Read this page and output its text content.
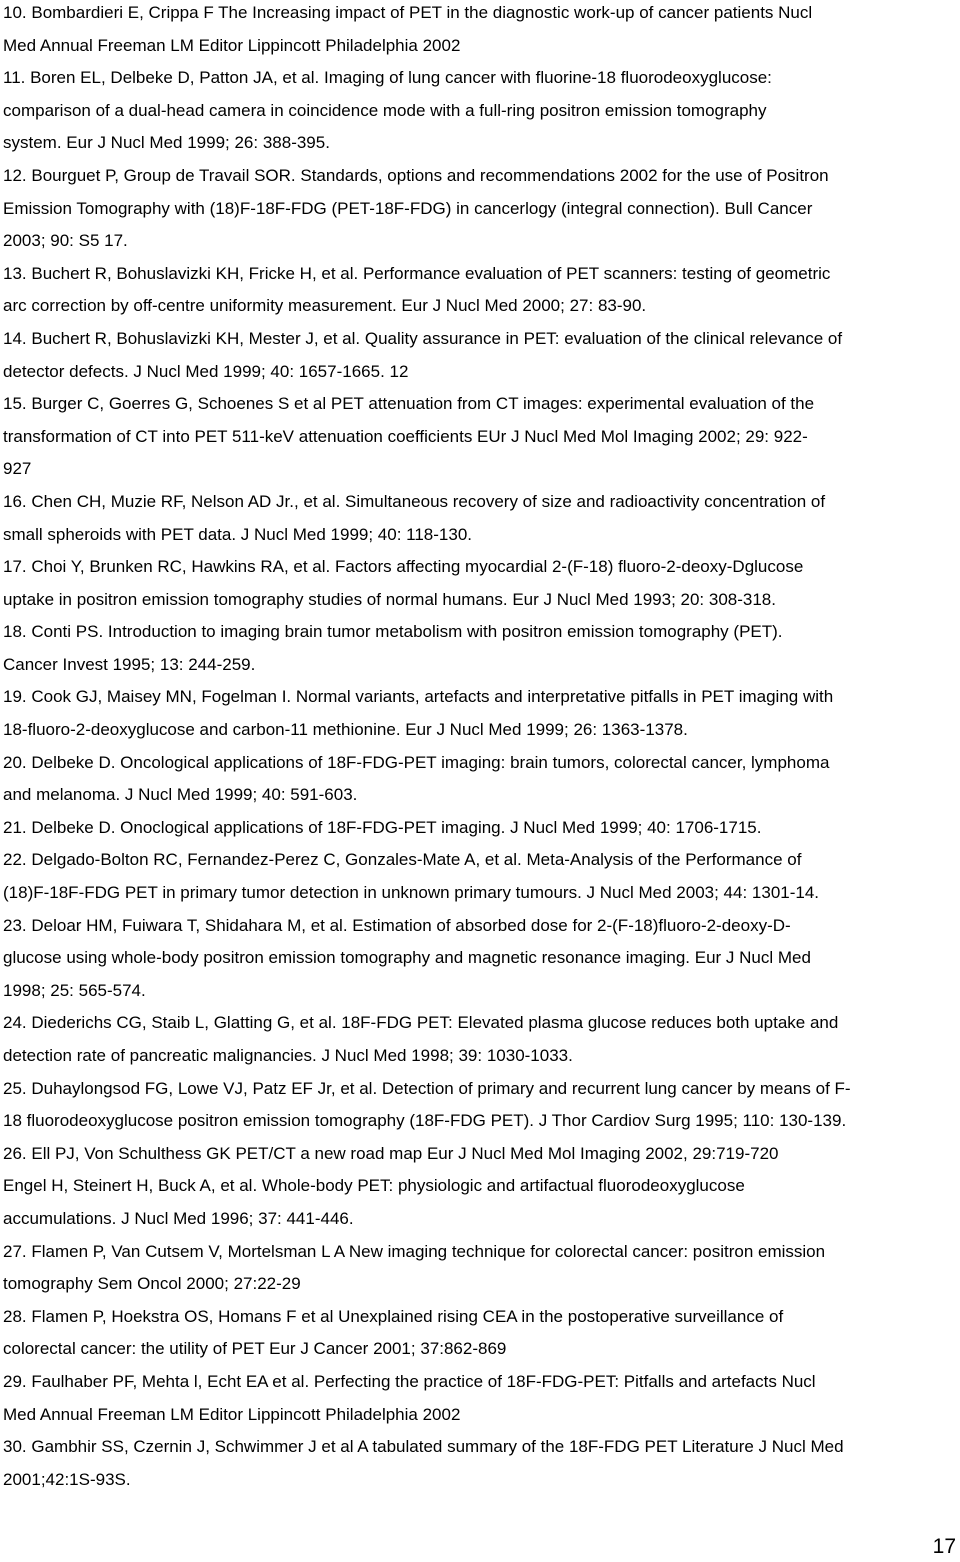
10. Bombardieri E, Crippa F The Increasing impact of PET in the diagnostic work-up of cancer patients Nucl
Med Annual Freeman LM Editor Lippincott Philadelphia 2002
11. Boren EL, Delbeke D, Patton JA, et al. Imaging of lung cancer with fluorine-18 fluorodeoxyglucose:
comparison of a dual-head camera in coincidence mode with a full-ring positron emission tomography
system. Eur J Nucl Med 1999; 26: 388-395.
12. Bourguet P, Group de Travail SOR. Standards, options and recommendations 2002 for the use of Positron
Emission Tomography with (18)F-18F-FDG (PET-18F-FDG) in cancerlogy (integral connection). Bull Cancer
2003; 90: S5 17.
13. Buchert R, Bohuslavizki KH, Fricke H, et al. Performance evaluation of PET scanners: testing of geometric
arc correction by off-centre uniformity measurement. Eur J Nucl Med 2000; 27: 83-90.
14. Buchert R, Bohuslavizki KH, Mester J, et al. Quality assurance in PET: evaluation of the clinical relevance of
detector defects. J Nucl Med 1999; 40: 1657-1665. 12
15. Burger C, Goerres G, Schoenes S et al PET attenuation from CT images: experimental evaluation of the
transformation of CT into PET 511-keV attenuation coefficients EUr J Nucl Med Mol Imaging 2002; 29: 922-
927
16. Chen CH, Muzie RF, Nelson AD Jr., et al. Simultaneous recovery of size and radioactivity concentration of
small spheroids with PET data. J Nucl Med 1999; 40: 118-130.
17. Choi Y, Brunken RC, Hawkins RA, et al. Factors affecting myocardial 2-(F-18) fluoro-2-deoxy-Dglucose
uptake in positron emission tomography studies of normal humans. Eur J Nucl Med 1993; 20: 308-318.
18. Conti PS. Introduction to imaging brain tumor metabolism with positron emission tomography (PET).
Cancer Invest 1995; 13: 244-259.
19. Cook GJ, Maisey MN, Fogelman I. Normal variants, artefacts and interpretative pitfalls in PET imaging with
18-fluoro-2-deoxyglucose and carbon-11 methionine. Eur J Nucl Med 1999; 26: 1363-1378.
20. Delbeke D. Oncological applications of 18F-FDG-PET imaging: brain tumors, colorectal cancer, lymphoma
and melanoma. J Nucl Med 1999; 40: 591-603.
21. Delbeke D. Onoclogical applications of 18F-FDG-PET imaging. J Nucl Med 1999; 40: 1706-1715.
22. Delgado-Bolton RC, Fernandez-Perez C, Gonzales-Mate A, et al. Meta-Analysis of the Performance of
(18)F-18F-FDG PET in primary tumor detection in unknown primary tumours. J Nucl Med 2003; 44: 1301-14.
23. Deloar HM, Fuiwara T, Shidahara M, et al. Estimation of absorbed dose for 2-(F-18)fluoro-2-deoxy-D-
glucose using whole-body positron emission tomography and magnetic resonance imaging. Eur J Nucl Med
1998; 25: 565-574.
24. Diederichs CG, Staib L, Glatting G, et al. 18F-FDG PET: Elevated plasma glucose reduces both uptake and
detection rate of pancreatic malignancies. J Nucl Med 1998; 39: 1030-1033.
25. Duhaylongsod FG, Lowe VJ, Patz EF Jr, et al. Detection of primary and recurrent lung cancer by means of F-
18 fluorodeoxyglucose positron emission tomography (18F-FDG PET). J Thor Cardiov Surg 1995; 110: 130-139.
26. Ell PJ, Von Schulthess GK PET/CT a new road map Eur J Nucl Med Mol Imaging 2002, 29:719-720
Engel H, Steinert H, Buck A, et al. Whole-body PET: physiologic and artifactual fluorodeoxyglucose
accumulations. J Nucl Med 1996; 37: 441-446.
27. Flamen P, Van Cutsem V, Mortelsman L A New imaging technique for colorectal cancer: positron emission
tomography Sem Oncol 2000; 27:22-29
28. Flamen P, Hoekstra OS, Homans F et al Unexplained rising CEA in the postoperative surveillance of
colorectal cancer: the utility of PET Eur J Cancer 2001; 37:862-869
29. Faulhaber PF, Mehta l, Echt EA et al. Perfecting the practice of 18F-FDG-PET: Pitfalls and artefacts Nucl
Med Annual Freeman LM Editor Lippincott Philadelphia 2002
30. Gambhir SS, Czernin J, Schwimmer J et al A tabulated summary of the 18F-FDG PET Literature J Nucl Med
2001;42:1S-93S.
17
